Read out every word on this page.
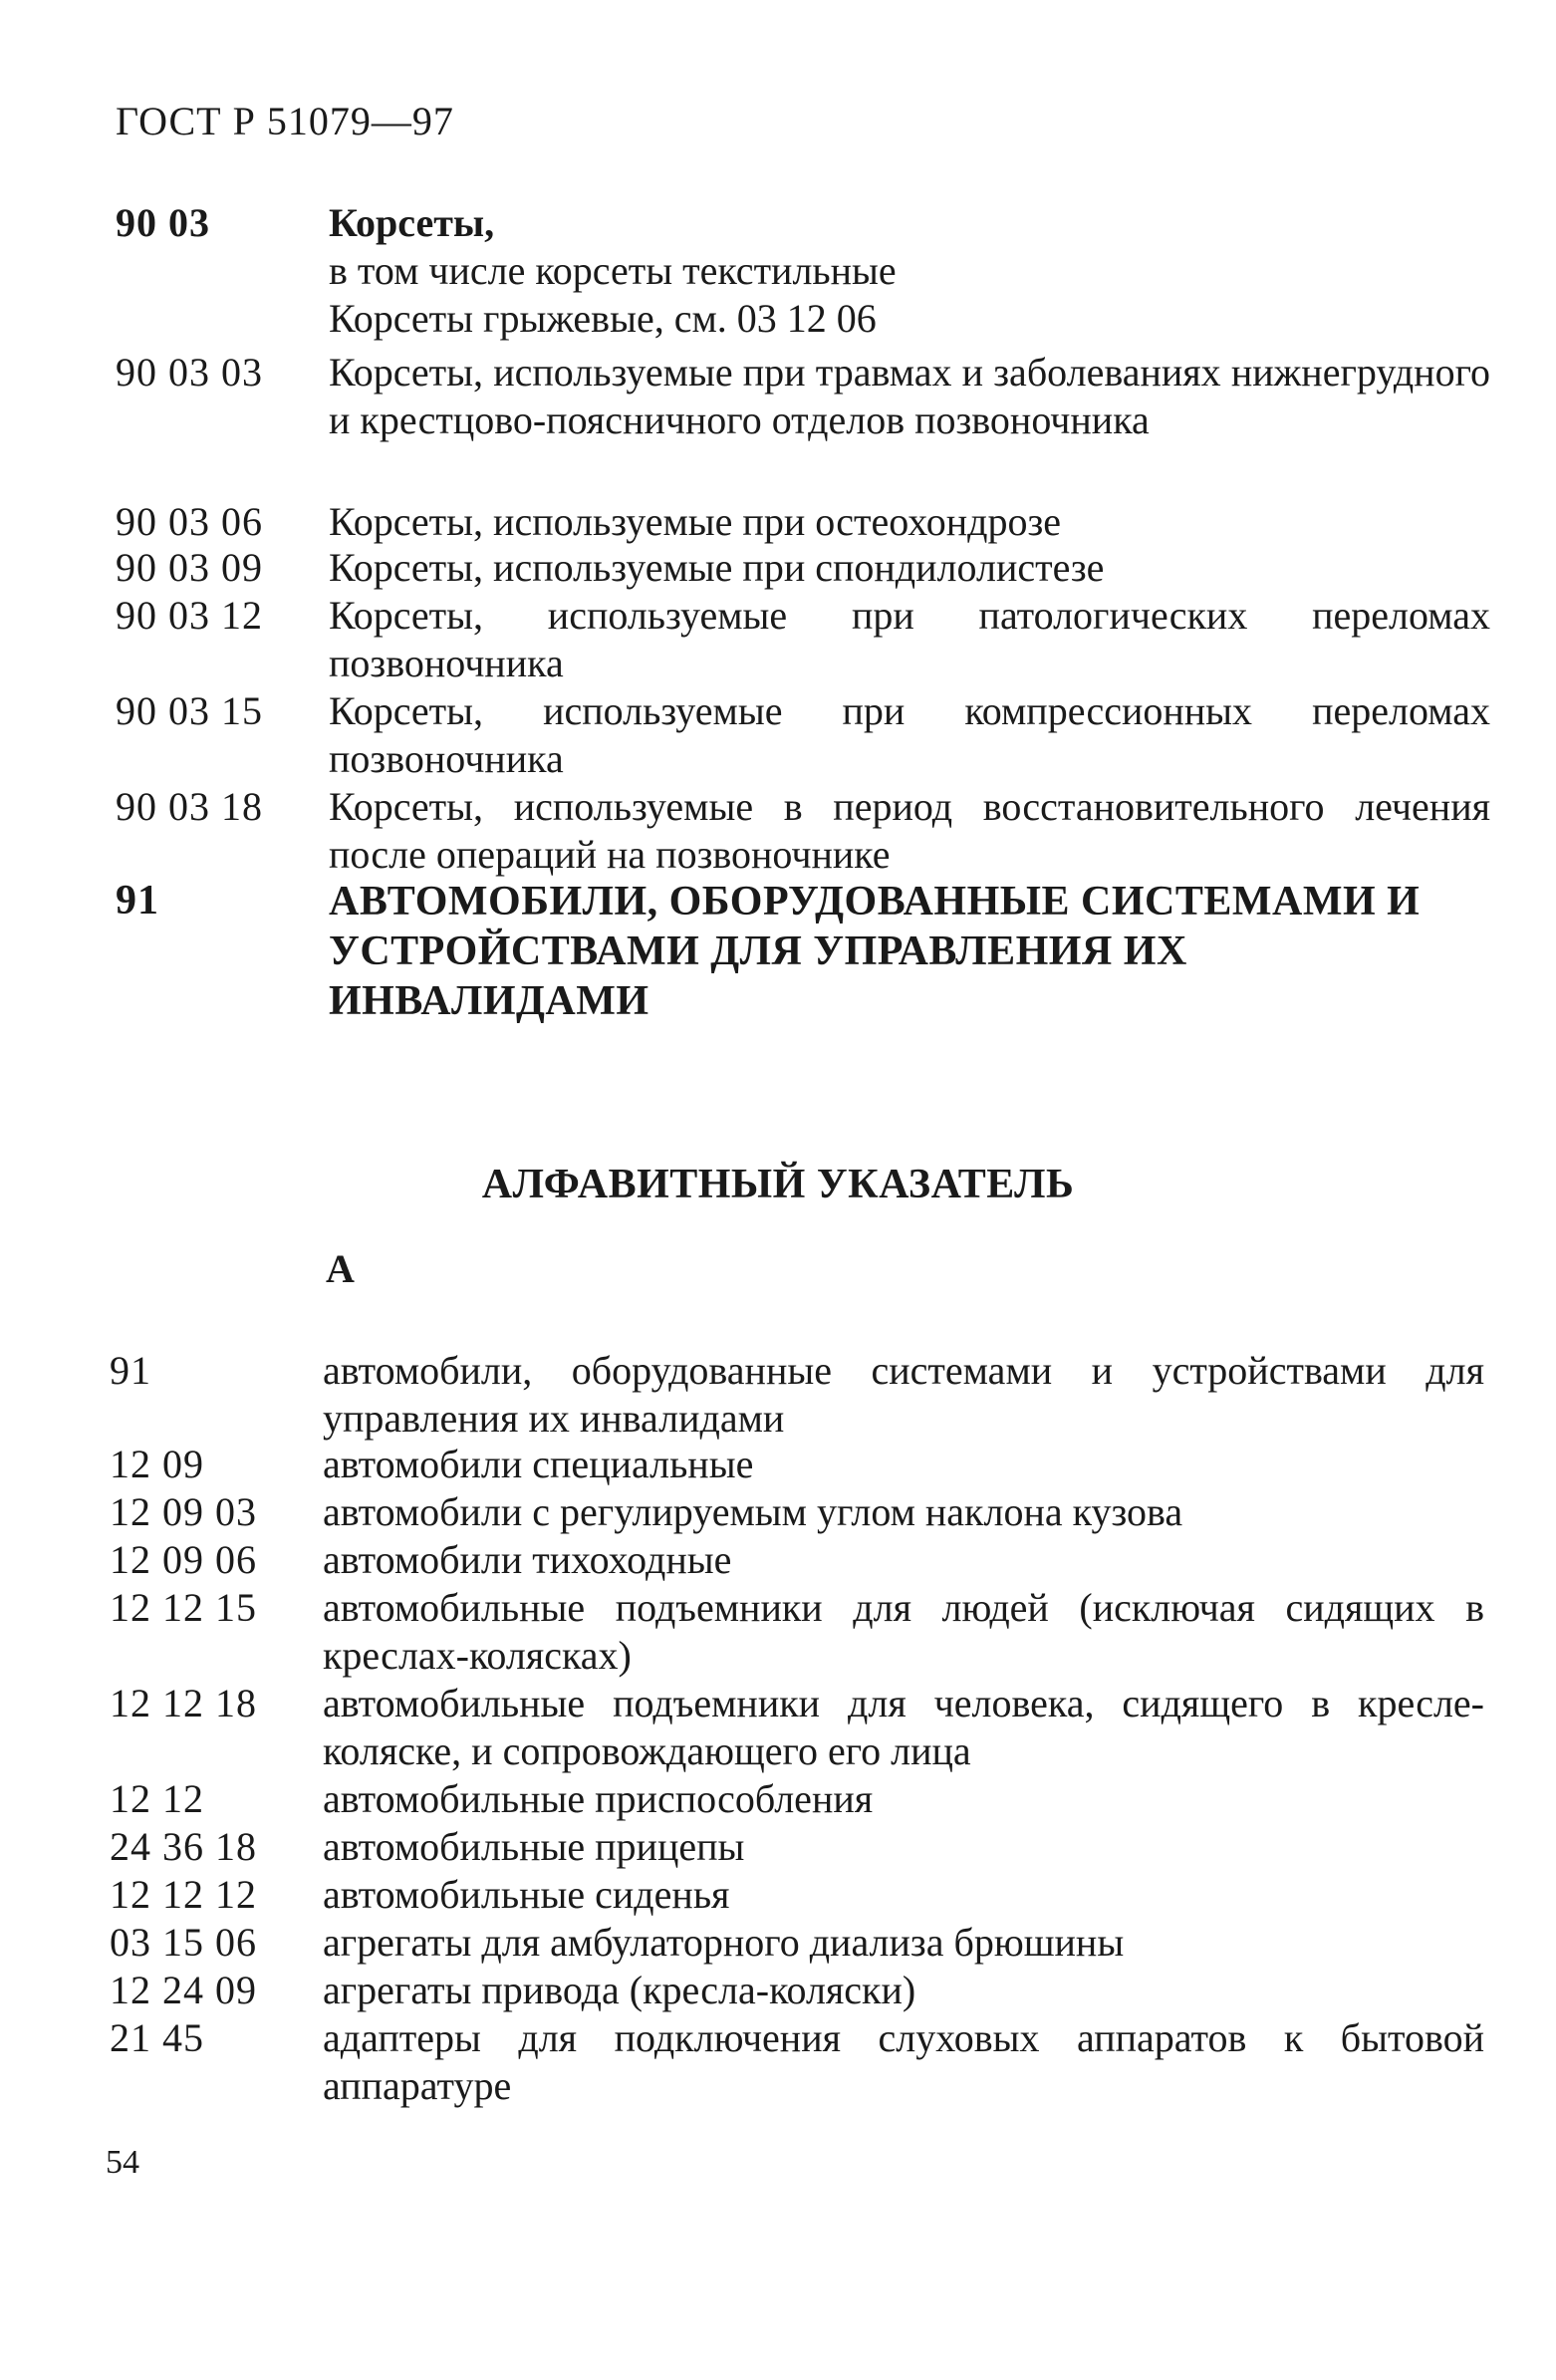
ГОСТ Р 51079—97
90 03	Корсеты,
в том числе корсеты текстильные
Корсеты грыжевые, см. 03 12 06
90 03 03	Корсеты, используемые при травмах и заболеваниях нижнегрудного и крестцово-поясничного отделов позвоночника
90 03 06	Корсеты, используемые при остеохондрозе
90 03 09	Корсеты, используемые при спондилолистезе
90 03 12	Корсеты, используемые при патологических переломах позвоночника
90 03 15	Корсеты, используемые при компрессионных переломах позвоночника
90 03 18	Корсеты, используемые в период восстановительного лечения после операций на позвоночнике
91	АВТОМОБИЛИ, ОБОРУДОВАННЫЕ СИСТЕМАМИ И УСТРОЙСТВАМИ ДЛЯ УПРАВЛЕНИЯ ИХ ИНВАЛИДАМИ
АЛФАВИТНЫЙ УКАЗАТЕЛЬ
А
91	автомобили, оборудованные системами и устройствами для управления их инвалидами
12 09	автомобили специальные
12 09 03	автомобили с регулируемым углом наклона кузова
12 09 06	автомобили тихоходные
12 12 15	автомобильные подъемники для людей (исключая сидящих в креслах-колясках)
12 12 18	автомобильные подъемники для человека, сидящего в кресле-коляске, и сопровождающего его лица
12 12	автомобильные приспособления
24 36 18	автомобильные прицепы
12 12 12	автомобильные сиденья
03 15 06	агрегаты для амбулаторного диализа брюшины
12 24 09	агрегаты привода (кресла-коляски)
21 45	адаптеры для подключения слуховых аппаратов к бытовой аппаратуре
54
